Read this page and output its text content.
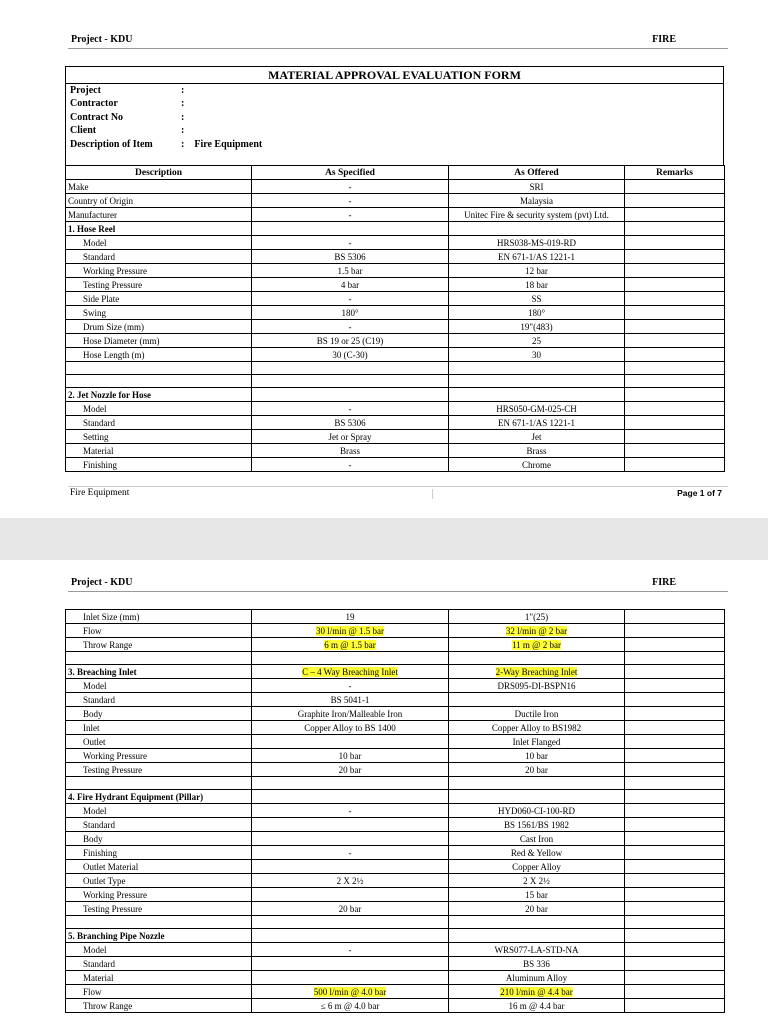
Project - KDU	FIRE
MATERIAL APPROVAL EVALUATION FORM
Project	:
Contractor	:
Contract No	:
Client	:
Description of Item	: Fire Equipment
Description	As Specified	As Offered	Remarks
Make	-	SRI	
Country of Origin	-	Malaysia	
Manufacturer	-	Unitec Fire & security system (pvt) Ltd.	
1. Hose Reel			
Model	-	HRS038-MS-019-RD	
Standard	BS 5306	EN 671-1/AS 1221-1	
Working Pressure	1.5 bar	12 bar	
Testing Pressure	4 bar	18 bar	
Side Plate	-	SS	
Swing	180°	180°	
Drum Size (mm)	-	19"(483)	
Hose Diameter (mm)	BS 19 or 25 (C19)	25	
Hose Length (m)	30 (C-30)	30	

2. Jet Nozzle for Hose			
Model	-	HRS050-GM-025-CH	
Standard	BS 5306	EN 671-1/AS 1221-1	
Setting	Jet or Spray	Jet	
Material	Brass	Brass	
Finishing	-	Chrome	
Fire Equipment	Page 1 of 7
Project - KDU	FIRE
Inlet Size (mm)	19	1"(25)	
Flow	30 l/min @ 1.5 bar	32 l/min @ 2 bar	
Throw Range	6 m @ 1.5 bar	11 m @ 2 bar	

3. Breaching Inlet	C – 4 Way Breaching Inlet	2-Way Breaching Inlet	
Model	-	DRS095-DI-BSPN16	
Standard	BS 5041-1		
Body	Graphite Iron/Malleable Iron	Ductile Iron	
Inlet	Copper Alloy to BS 1400	Copper Alloy to BS1982	
Outlet		Inlet Flanged	
Working Pressure	10 bar	10 bar	
Testing Pressure	20 bar	20 bar	

4. Fire Hydrant Equipment (Pillar)			
Model	-	HYD060-CI-100-RD	
Standard		BS 1561/BS 1982	
Body		Cast Iron	
Finishing	-	Red & Yellow	
Outlet Material		Copper Alloy	
Outlet Type	2 X 2½	2 X 2½	
Working Pressure		15 bar	
Testing Pressure	20 bar	20 bar	

5. Branching Pipe Nozzle			
Model	-	WRS077-LA-STD-NA	
Standard		BS 336	
Material		Aluminum Alloy	
Flow	500 l/min @ 4.0 bar	210 l/min @ 4.4 bar	
Throw Range	≤ 6 m @ 4.0 bar	16 m @ 4.4 bar	
